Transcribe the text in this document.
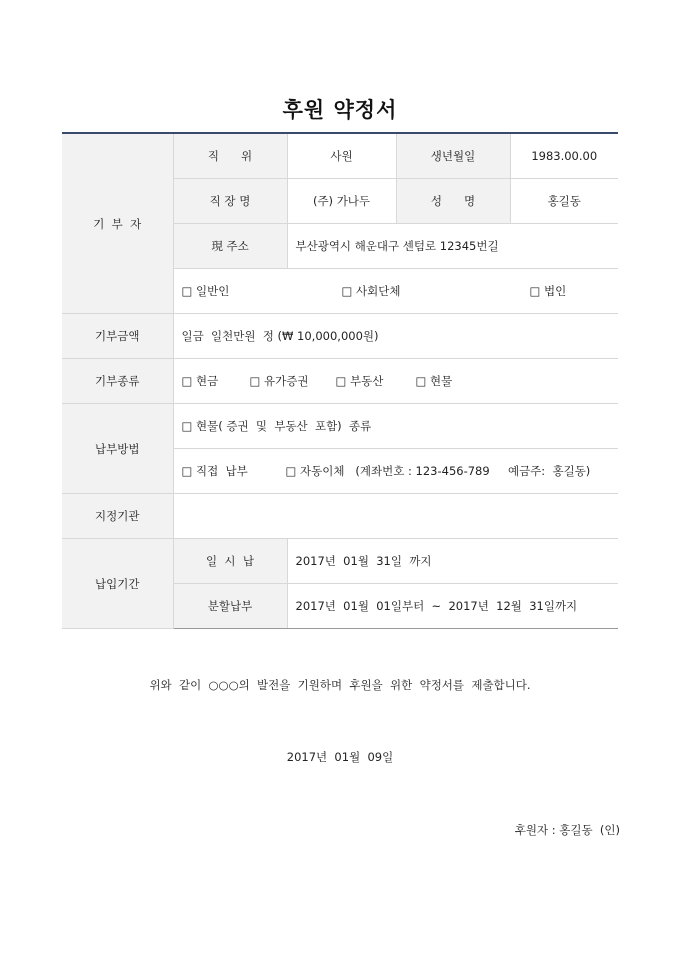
후원 약정서
기  부  자	직      위	사원	생년월일	1983.00.00
	직 장 명	(주) 가나두	성      명	홍길동
	現 주소	부산광역시 해운대구 센텀로 12345번길		
	□ 일반인 □ 사회단체 □ 법인			
기부금액	일금  일천만원  정 (₩ 10,000,000원)			
기부종류	□ 현금 □ 유가증권 □ 부동산 □ 현물			
납부방법	□ 현물( 증권  및  부동산  포함)  종류			
	□ 직접  납부 □ 자동이체   (계좌번호 : 123-456-789     예금주:  홍길동)			
지정기관				
납입기간	일  시  납	2017년  01월  31일  까지		
	분할납부	2017년  01월  01일부터  ~  2017년  12월  31일까지		
위와  같이  ○○○의  발전을  기원하며  후원을  위한  약정서를  제출합니다.
2017년  01월  09일
후원자 : 홍길동  (인)
